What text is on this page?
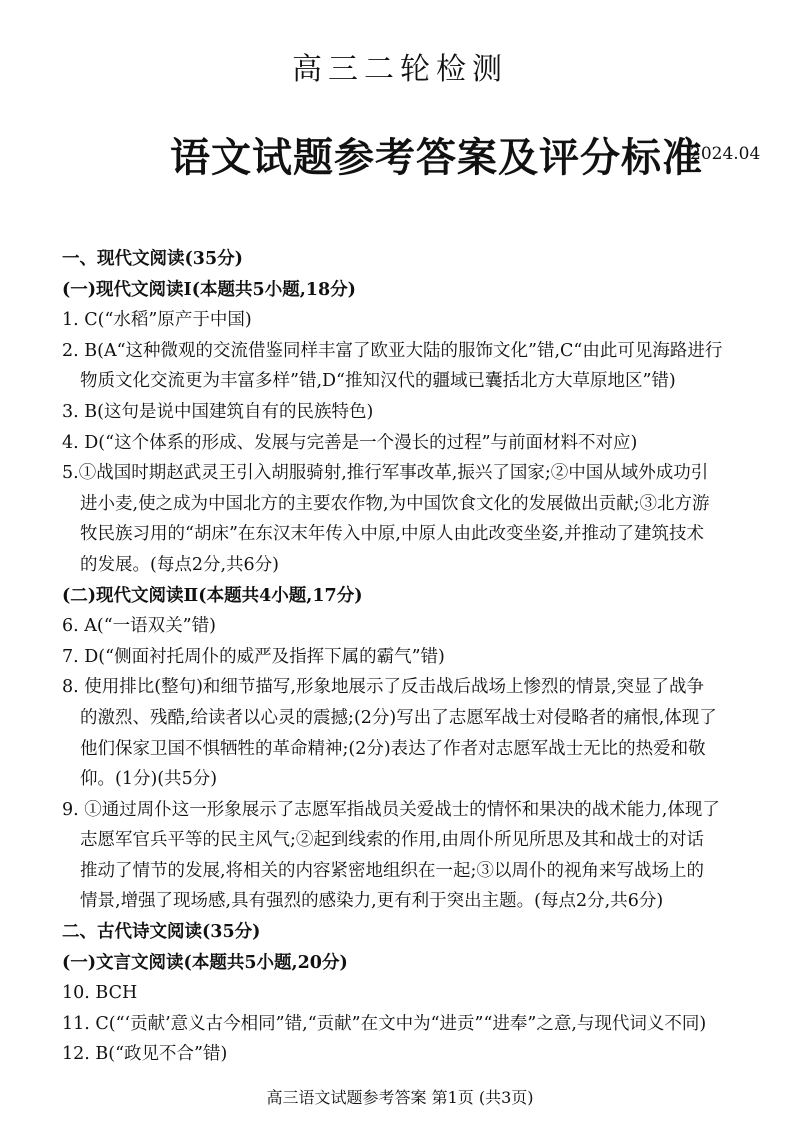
高三二轮检测
语文试题参考答案及评分标准
2024.04
一、现代文阅读(35分)
(一)现代文阅读Ⅰ(本题共5小题,18分)
1. C(“水稻”原产于中国)
2. B(A“这种微观的交流借鉴同样丰富了欧亚大陆的服饰文化”错,C“由此可见海路进行
物质文化交流更为丰富多样”错,D“推知汉代的疆域已囊括北方大草原地区”错)
3. B(这句是说中国建筑自有的民族特色)
4. D(“这个体系的形成、发展与完善是一个漫长的过程”与前面材料不对应)
5.①战国时期赵武灵王引入胡服骑射,推行军事改革,振兴了国家;②中国从域外成功引
进小麦,使之成为中国北方的主要农作物,为中国饮食文化的发展做出贡献;③北方游
牧民族习用的“胡床”在东汉末年传入中原,中原人由此改变坐姿,并推动了建筑技术
的发展。(每点2分,共6分)
(二)现代文阅读Ⅱ(本题共4小题,17分)
6. A(“一语双关”错)
7. D(“侧面衬托周仆的威严及指挥下属的霸气”错)
8. 使用排比(整句)和细节描写,形象地展示了反击战后战场上惨烈的情景,突显了战争
的激烈、残酷,给读者以心灵的震撼;(2分)写出了志愿军战士对侵略者的痛恨,体现了
他们保家卫国不惧牺牲的革命精神;(2分)表达了作者对志愿军战士无比的热爱和敬
仰。(1分)(共5分)
9. ①通过周仆这一形象展示了志愿军指战员关爱战士的情怀和果决的战术能力,体现了
志愿军官兵平等的民主风气;②起到线索的作用,由周仆所见所思及其和战士的对话
推动了情节的发展,将相关的内容紧密地组织在一起;③以周仆的视角来写战场上的
情景,增强了现场感,具有强烈的感染力,更有利于突出主题。(每点2分,共6分)
二、古代诗文阅读(35分)
(一)文言文阅读(本题共5小题,20分)
10. BCH
11. C(“‘贡献’意义古今相同”错,“贡献”在文中为“进贡”“进奉”之意,与现代词义不同)
12. B(“政见不合”错)
高三语文试题参考答案 第1页 (共3页)
